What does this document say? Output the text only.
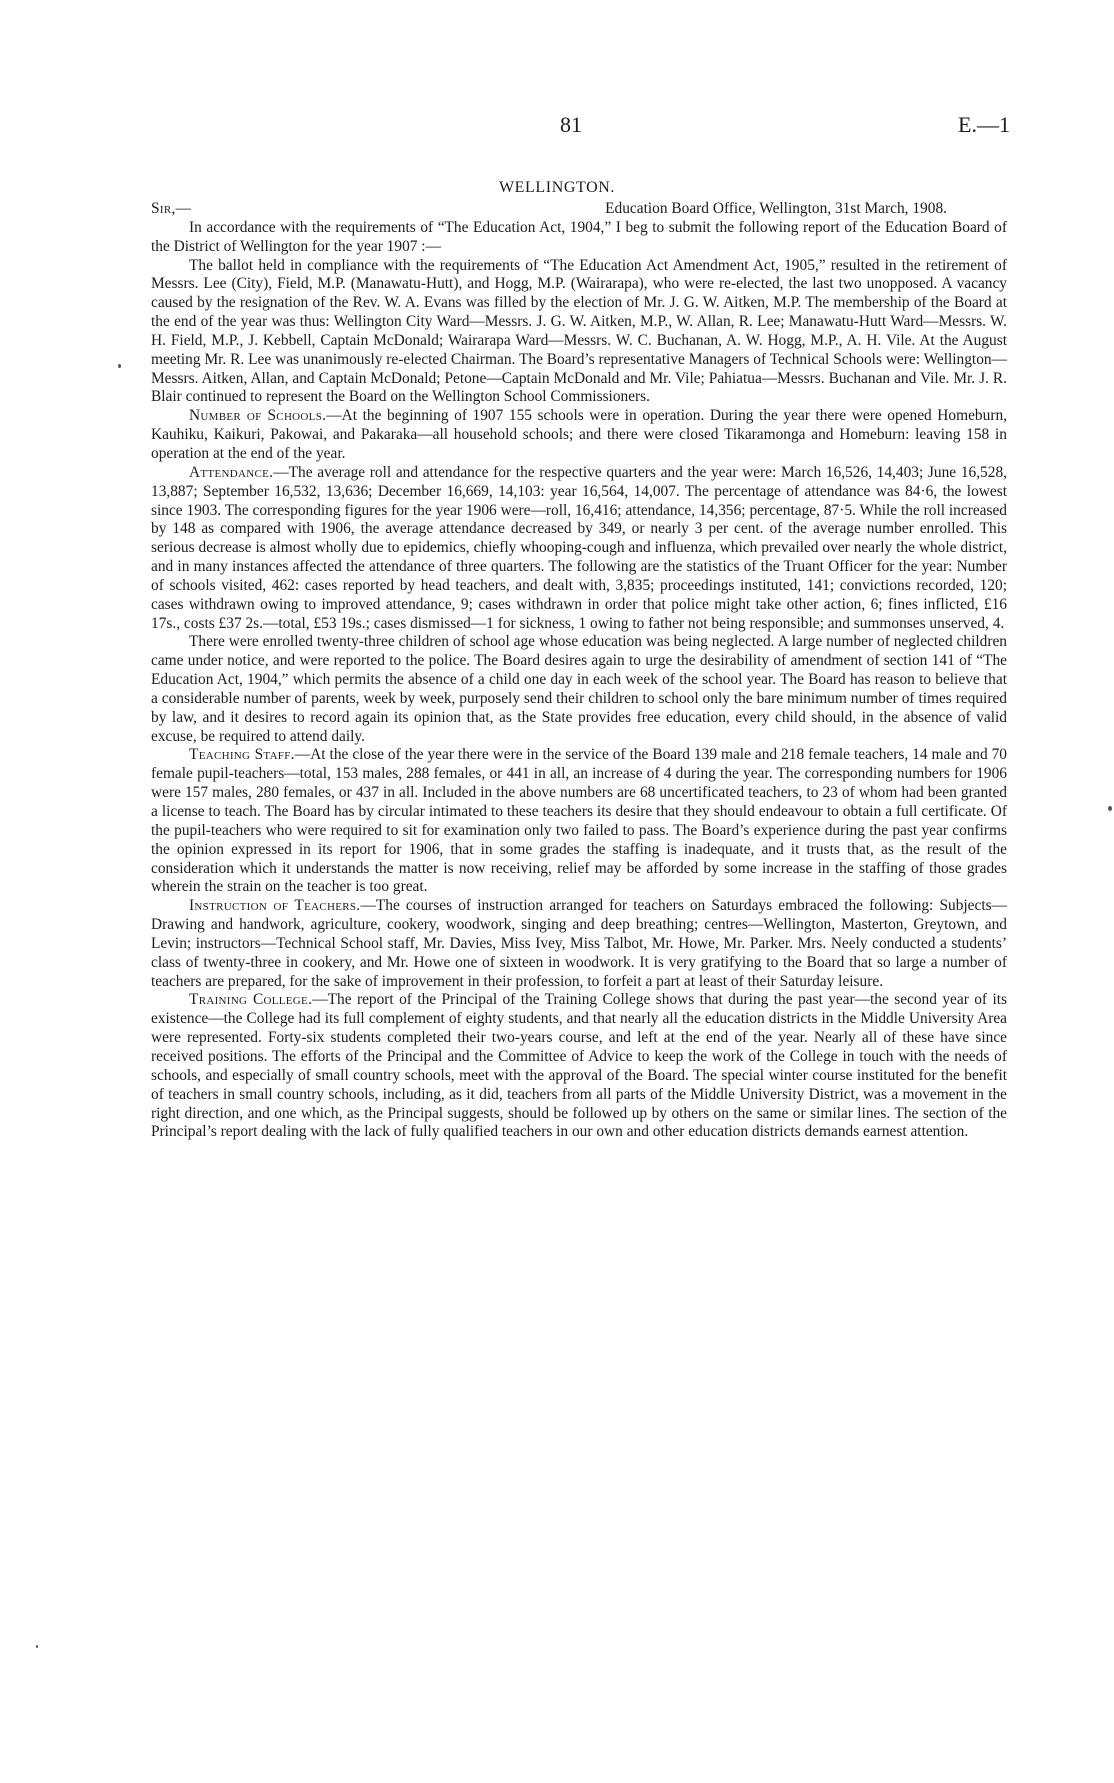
81	E.—1
WELLINGTON.
Sir,—	Education Board Office, Wellington, 31st March, 1908.

In accordance with the requirements of “The Education Act, 1904,” I beg to submit the following report of the Education Board of the District of Wellington for the year 1907 :—

The ballot held in compliance with the requirements of “The Education Act Amendment Act, 1905,” resulted in the retirement of Messrs. Lee (City), Field, M.P. (Manawatu-Hutt), and Hogg, M.P. (Wairarapa), who were re-elected, the last two unopposed. A vacancy caused by the resignation of the Rev. W. A. Evans was filled by the election of Mr. J. G. W. Aitken, M.P. The membership of the Board at the end of the year was thus: Wellington City Ward—Messrs. J. G. W. Aitken, M.P., W. Allan, R. Lee; Manawatu-Hutt Ward—Messrs. W. H. Field, M.P., J. Kebbell, Captain McDonald; Wairarapa Ward—Messrs. W. C. Buchanan, A. W. Hogg, M.P., A. H. Vile. At the August meeting Mr. R. Lee was unanimously re-elected Chairman. The Board’s representative Managers of Technical Schools were: Wellington—Messrs. Aitken, Allan, and Captain McDonald; Petone—Captain McDonald and Mr. Vile; Pahiatua—Messrs. Buchanan and Vile. Mr. J. R. Blair continued to represent the Board on the Wellington School Commissioners.

Number of Schools.—At the beginning of 1907 155 schools were in operation. During the year there were opened Homeburn, Kauhiku, Kaikuri, Pakowai, and Pakaraka—all household schools; and there were closed Tikaramonga and Homeburn: leaving 158 in operation at the end of the year.

Attendance.—The average roll and attendance for the respective quarters and the year were: March 16,526, 14,403; June 16,528, 13,887; September 16,532, 13,636; December 16,669, 14,103: year 16,564, 14,007. The percentage of attendance was 84·6, the lowest since 1903. The corresponding figures for the year 1906 were—roll, 16,416; attendance, 14,356; percentage, 87·5. While the roll increased by 148 as compared with 1906, the average attendance decreased by 349, or nearly 3 per cent. of the average number enrolled. This serious decrease is almost wholly due to epidemics, chiefly whooping-cough and influenza, which prevailed over nearly the whole district, and in many instances affected the attendance of three quarters. The following are the statistics of the Truant Officer for the year: Number of schools visited, 462: cases reported by head teachers, and dealt with, 3,835; proceedings instituted, 141; convictions recorded, 120; cases withdrawn owing to improved attendance, 9; cases withdrawn in order that police might take other action, 6; fines inflicted, £16 17s., costs £37 2s.—total, £53 19s.; cases dismissed—1 for sickness, 1 owing to father not being responsible; and summonses unserved, 4.

There were enrolled twenty-three children of school age whose education was being neglected. A large number of neglected children came under notice, and were reported to the police. The Board desires again to urge the desirability of amendment of section 141 of “The Education Act, 1904,” which permits the absence of a child one day in each week of the school year. The Board has reason to believe that a considerable number of parents, week by week, purposely send their children to school only the bare minimum number of times required by law, and it desires to record again its opinion that, as the State provides free education, every child should, in the absence of valid excuse, be required to attend daily.

Teaching Staff.—At the close of the year there were in the service of the Board 139 male and 218 female teachers, 14 male and 70 female pupil-teachers—total, 153 males, 288 females, or 441 in all, an increase of 4 during the year. The corresponding numbers for 1906 were 157 males, 280 females, or 437 in all. Included in the above numbers are 68 uncertificated teachers, to 23 of whom had been granted a license to teach. The Board has by circular intimated to these teachers its desire that they should endeavour to obtain a full certificate. Of the pupil-teachers who were required to sit for examination only two failed to pass. The Board’s experience during the past year confirms the opinion expressed in its report for 1906, that in some grades the staffing is inadequate, and it trusts that, as the result of the consideration which it understands the matter is now receiving, relief may be afforded by some increase in the staffing of those grades wherein the strain on the teacher is too great.

Instruction of Teachers.—The courses of instruction arranged for teachers on Saturdays embraced the following: Subjects—Drawing and handwork, agriculture, cookery, woodwork, singing and deep breathing; centres—Wellington, Masterton, Greytown, and Levin; instructors—Technical School staff, Mr. Davies, Miss Ivey, Miss Talbot, Mr. Howe, Mr. Parker. Mrs. Neely conducted a students’ class of twenty-three in cookery, and Mr. Howe one of sixteen in woodwork. It is very gratifying to the Board that so large a number of teachers are prepared, for the sake of improvement in their profession, to forfeit a part at least of their Saturday leisure.

Training College.—The report of the Principal of the Training College shows that during the past year—the second year of its existence—the College had its full complement of eighty students, and that nearly all the education districts in the Middle University Area were represented. Forty-six students completed their two-years course, and left at the end of the year. Nearly all of these have since received positions. The efforts of the Principal and the Committee of Advice to keep the work of the College in touch with the needs of schools, and especially of small country schools, meet with the approval of the Board. The special winter course instituted for the benefit of teachers in small country schools, including, as it did, teachers from all parts of the Middle University District, was a movement in the right direction, and one which, as the Principal suggests, should be followed up by others on the same or similar lines. The section of the Principal’s report dealing with the lack of fully qualified teachers in our own and other education districts demands earnest attention.
